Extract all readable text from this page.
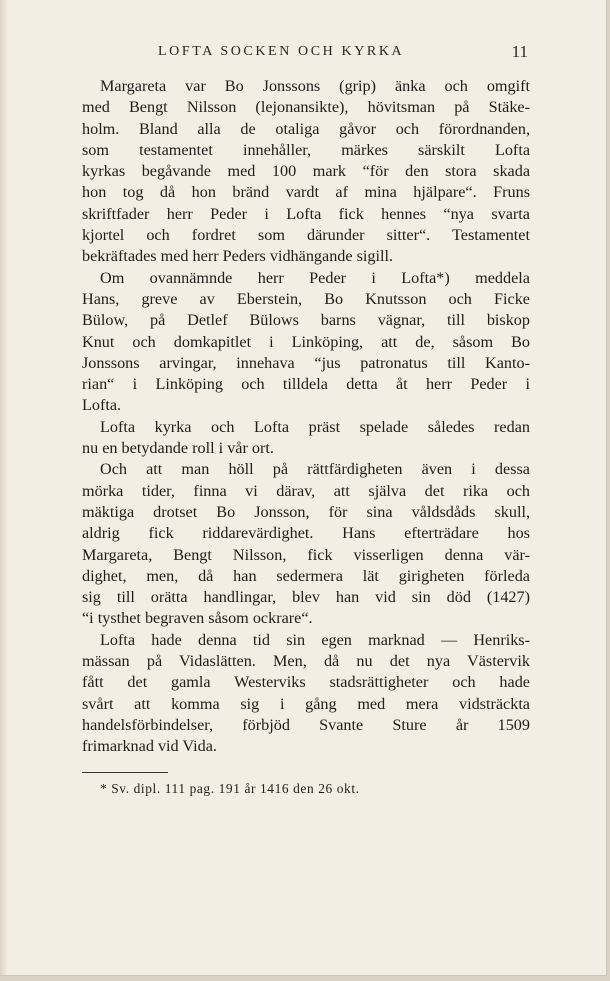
LOFTA SOCKEN OCH KYRKA	11
Margareta var Bo Jonssons (grip) änka och omgift
med Bengt Nilsson (lejonansikte), hövitsman på Stäke-
holm. Bland alla de otaliga gåvor och förordnanden,
som testamentet innehåller, märkes särskilt Lofta
kyrkas begåvande med 100 mark “för den stora skada
hon tog då hon bränd vardt af mina hjälpare“. Fruns
skriftfader herr Peder i Lofta fick hennes “nya svarta
kjortel och fordret som därunder sitter“. Testamentet
bekräftades med herr Peders vidhängande sigill.
Om ovannämnde herr Peder i Lofta*) meddela
Hans, greve av Eberstein, Bo Knutsson och Ficke
Bülow, på Detlef Bülows barns vägnar, till biskop
Knut och domkapitlet i Linköping, att de, såsom Bo
Jonssons arvingar, innehava “jus patronatus till Kanto-
rian“ i Linköping och tilldela detta åt herr Peder i
Lofta.
Lofta kyrka och Lofta präst spelade således redan
nu en betydande roll i vår ort.
Och att man höll på rättfärdigheten även i dessa
mörka tider, finna vi därav, att själva det rika och
mäktiga drotset Bo Jonsson, för sina våldsdåds skull,
aldrig fick riddarevärdighet. Hans efterträdare hos
Margareta, Bengt Nilsson, fick visserligen denna vär-
dighet, men, då han sedermera lät girigheten förleda
sig till orätta handlingar, blev han vid sin död (1427)
“i tysthet begraven såsom ockrare“.
Lofta hade denna tid sin egen marknad — Henriks-
mässan på Vidaslätten. Men, då nu det nya Västervik
fått det gamla Westerviks stadsrättigheter och hade
svårt att komma sig i gång med mera vidsträckta
handelsförbindelser, förbjöd Svante Sture år 1509
frimarknad vid Vida.
* Sv. dipl. 111 pag. 191 år 1416 den 26 okt.
